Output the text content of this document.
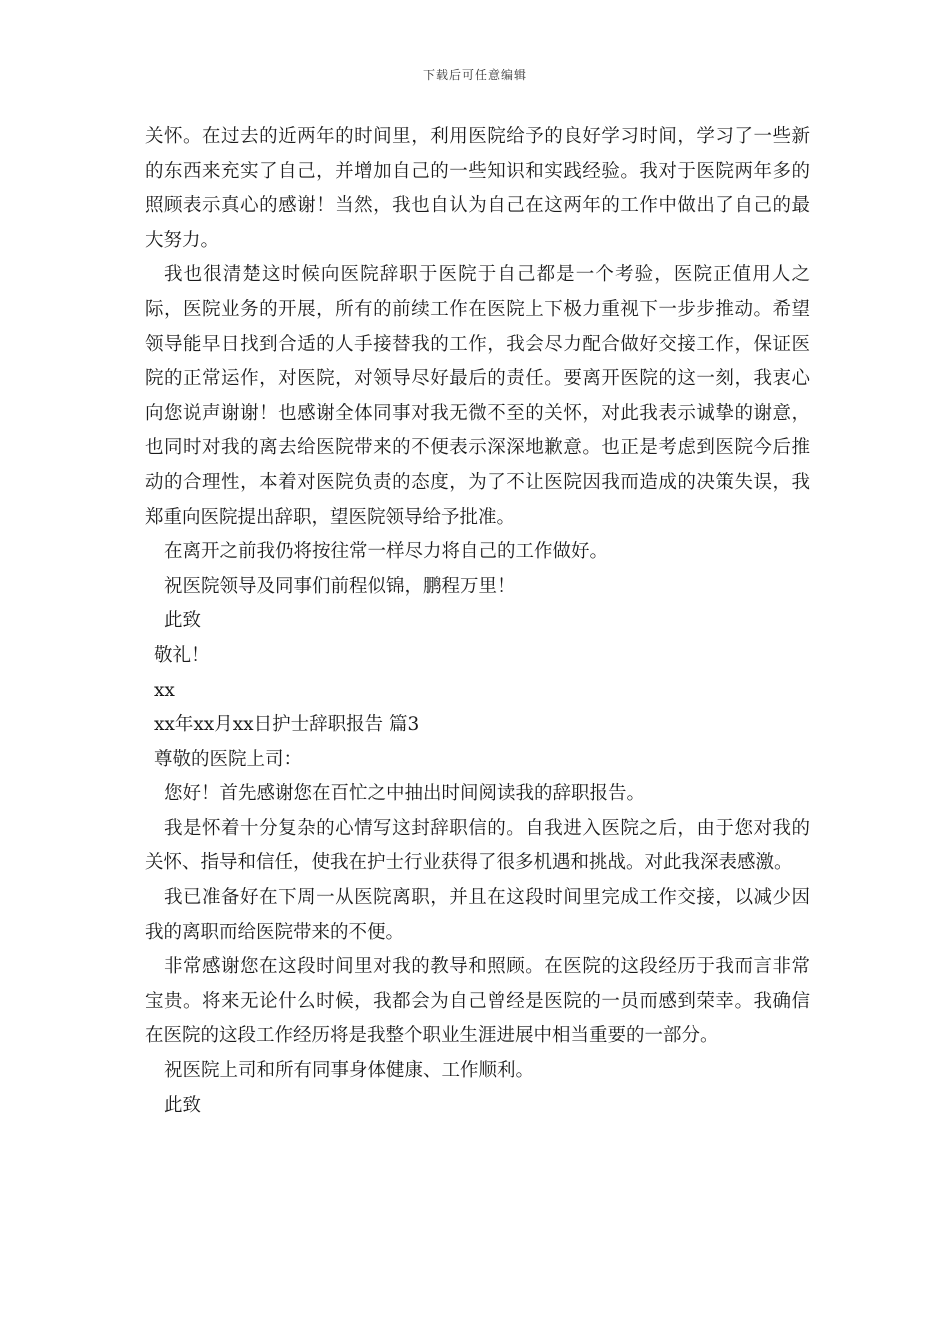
下载后可任意编辑

关怀。在过去的近两年的时间里，利用医院给予的良好学习时间，学习了一些新的东西来充实了自己，并增加自己的一些知识和实践经验。我对于医院两年多的照顾表示真心的感谢！当然，我也自认为自己在这两年的工作中做出了自己的最大努力。

我也很清楚这时候向医院辞职于医院于自己都是一个考验，医院正值用人之际，医院业务的开展，所有的前续工作在医院上下极力重视下一步步推动。希望领导能早日找到合适的人手接替我的工作，我会尽力配合做好交接工作，保证医院的正常运作，对医院，对领导尽好最后的责任。要离开医院的这一刻，我衷心向您说声谢谢！也感谢全体同事对我无微不至的关怀，对此我表示诚挚的谢意，也同时对我的离去给医院带来的不便表示深深地歉意。也正是考虑到医院今后推动的合理性，本着对医院负责的态度，为了不让医院因我而造成的决策失误，我郑重向医院提出辞职，望医院领导给予批准。

在离开之前我仍将按往常一样尽力将自己的工作做好。

祝医院领导及同事们前程似锦，鹏程万里！

此致

敬礼！

xx

xx年xx月xx日护士辞职报告 篇3

尊敬的医院上司：

您好！首先感谢您在百忙之中抽出时间阅读我的辞职报告。

我是怀着十分复杂的心情写这封辞职信的。自我进入医院之后，由于您对我的关怀、指导和信任，使我在护士行业获得了很多机遇和挑战。对此我深表感激。

我已准备好在下周一从医院离职，并且在这段时间里完成工作交接，以减少因我的离职而给医院带来的不便。

非常感谢您在这段时间里对我的教导和照顾。在医院的这段经历于我而言非常宝贵。将来无论什么时候，我都会为自己曾经是医院的一员而感到荣幸。我确信在医院的这段工作经历将是我整个职业生涯进展中相当重要的一部分。

祝医院上司和所有同事身体健康、工作顺利。

此致
